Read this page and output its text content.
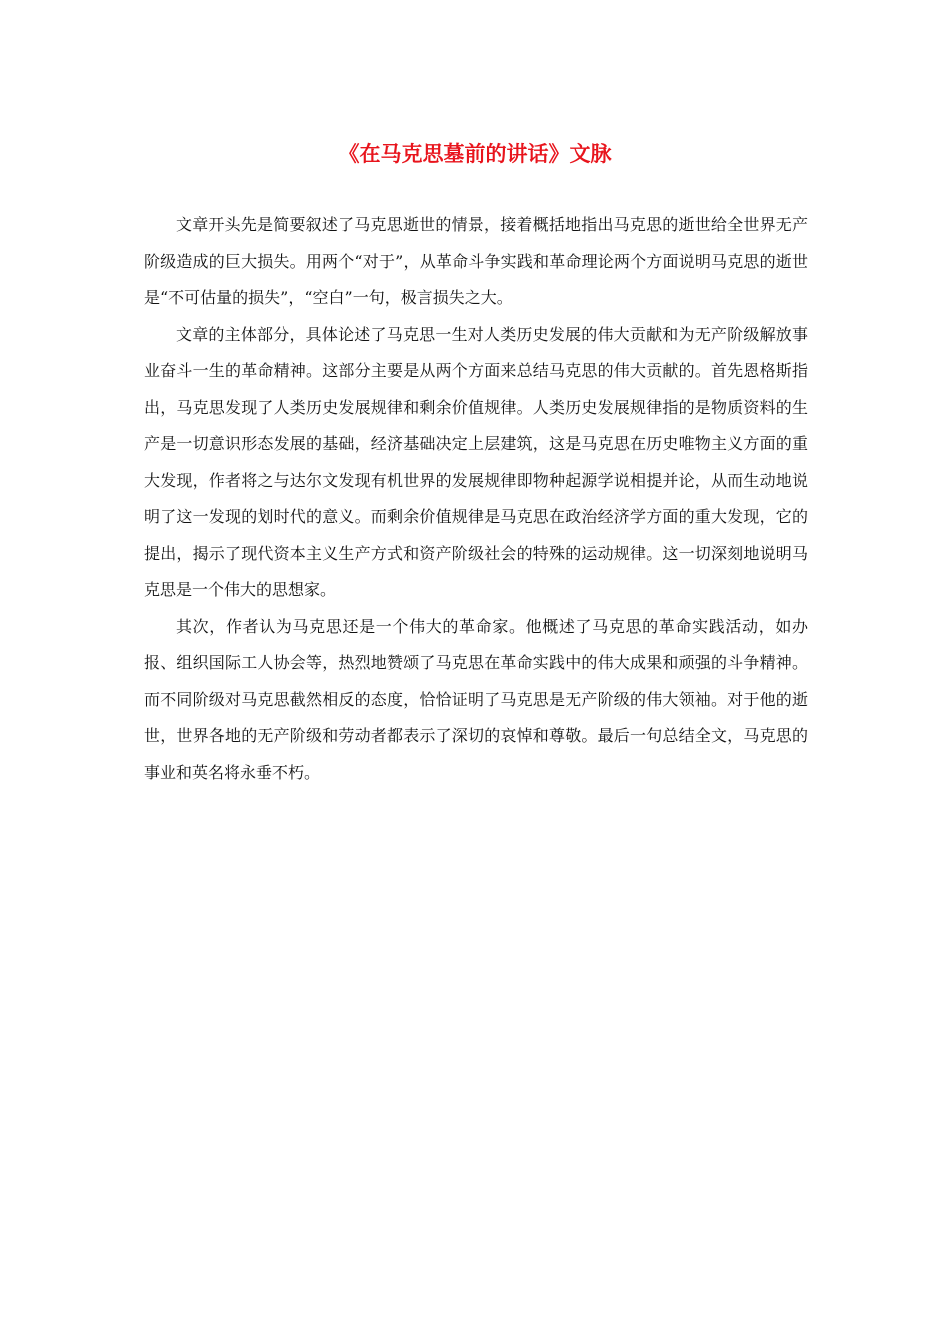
《在马克思墓前的讲话》文脉

文章开头先是简要叙述了马克思逝世的情景，接着概括地指出马克思的逝世给全世界无产阶级造成的巨大损失。用两个“对于”，从革命斗争实践和革命理论两个方面说明马克思的逝世是“不可估量的损失”，“空白”一句，极言损失之大。

文章的主体部分，具体论述了马克思一生对人类历史发展的伟大贡献和为无产阶级解放事业奋斗一生的革命精神。这部分主要是从两个方面来总结马克思的伟大贡献的。首先恩格斯指出，马克思发现了人类历史发展规律和剩余价值规律。人类历史发展规律指的是物质资料的生产是一切意识形态发展的基础，经济基础决定上层建筑，这是马克思在历史唯物主义方面的重大发现，作者将之与达尔文发现有机世界的发展规律即物种起源学说相提并论，从而生动地说明了这一发现的划时代的意义。而剩余价值规律是马克思在政治经济学方面的重大发现，它的提出，揭示了现代资本主义生产方式和资产阶级社会的特殊的运动规律。这一切深刻地说明马克思是一个伟大的思想家。

其次，作者认为马克思还是一个伟大的革命家。他概述了马克思的革命实践活动，如办报、组织国际工人协会等，热烈地赞颂了马克思在革命实践中的伟大成果和顽强的斗争精神。而不同阶级对马克思截然相反的态度，恰恰证明了马克思是无产阶级的伟大领袖。对于他的逝世，世界各地的无产阶级和劳动者都表示了深切的哀悼和尊敬。最后一句总结全文，马克思的事业和英名将永垂不朽。
